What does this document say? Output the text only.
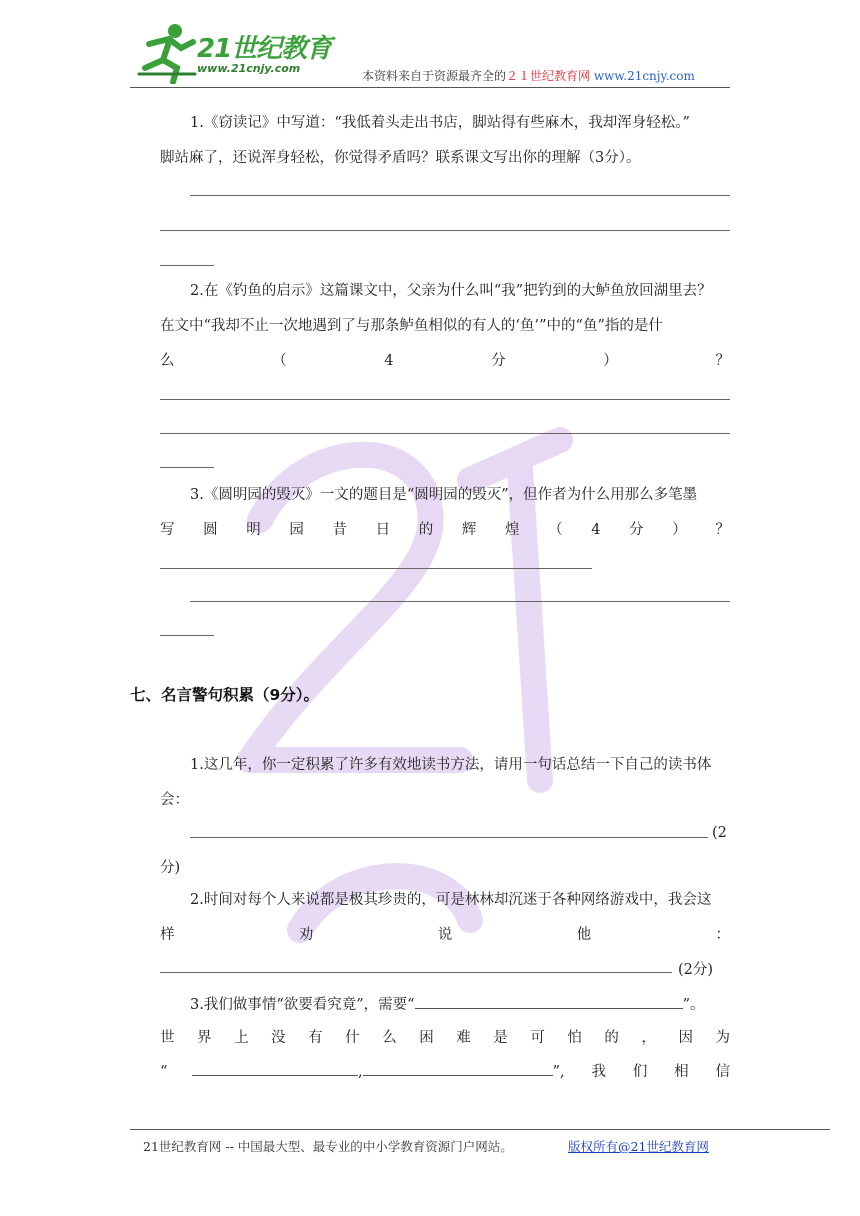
21世纪教育
www.21cnjy.com
本资料来自于资源最齐全的２１世纪教育网 www.21cnjy.com

1.《窃读记》中写道：“我低着头走出书店，脚站得有些麻木，我却浑身轻松。”

脚站麻了，还说浑身轻松，你觉得矛盾吗？联系课文写出你的理解（3分）。

2.在《钓鱼的启示》这篇课文中，父亲为什么叫“我”把钓到的大鲈鱼放回湖里去？

在文中“我却不止一次地遇到了与那条鲈鱼相似的有人的‘鱼’”中的“鱼”指的是什

么	（	4	分	）	？

3.《圆明园的毁灭》一文的题目是“圆明园的毁灭”，但作者为什么用那么多笔墨

写 圆 明 园 昔 日 的 辉 煌 （ 4 分 ） ？
七、名言警句积累（9分）。

1.这几年，你一定积累了许多有效地读书方法，请用一句话总结一下自己的读书体

会：

(2

分)

2.时间对每个人来说都是极其珍贵的，可是林林却沉迷于各种网络游戏中，我会这

样	劝	说	他	：
(2分)
3.我们做事情“欲要看究竟”，需要“	”。
世 界 上 没 有 什 么 困 难 是 可 怕 的 ， 因 为
“	,	”, 我 们 相 信
21世纪教育网 -- 中国最大型、最专业的中小学教育资源门户网站。	版权所有@21世纪教育网
